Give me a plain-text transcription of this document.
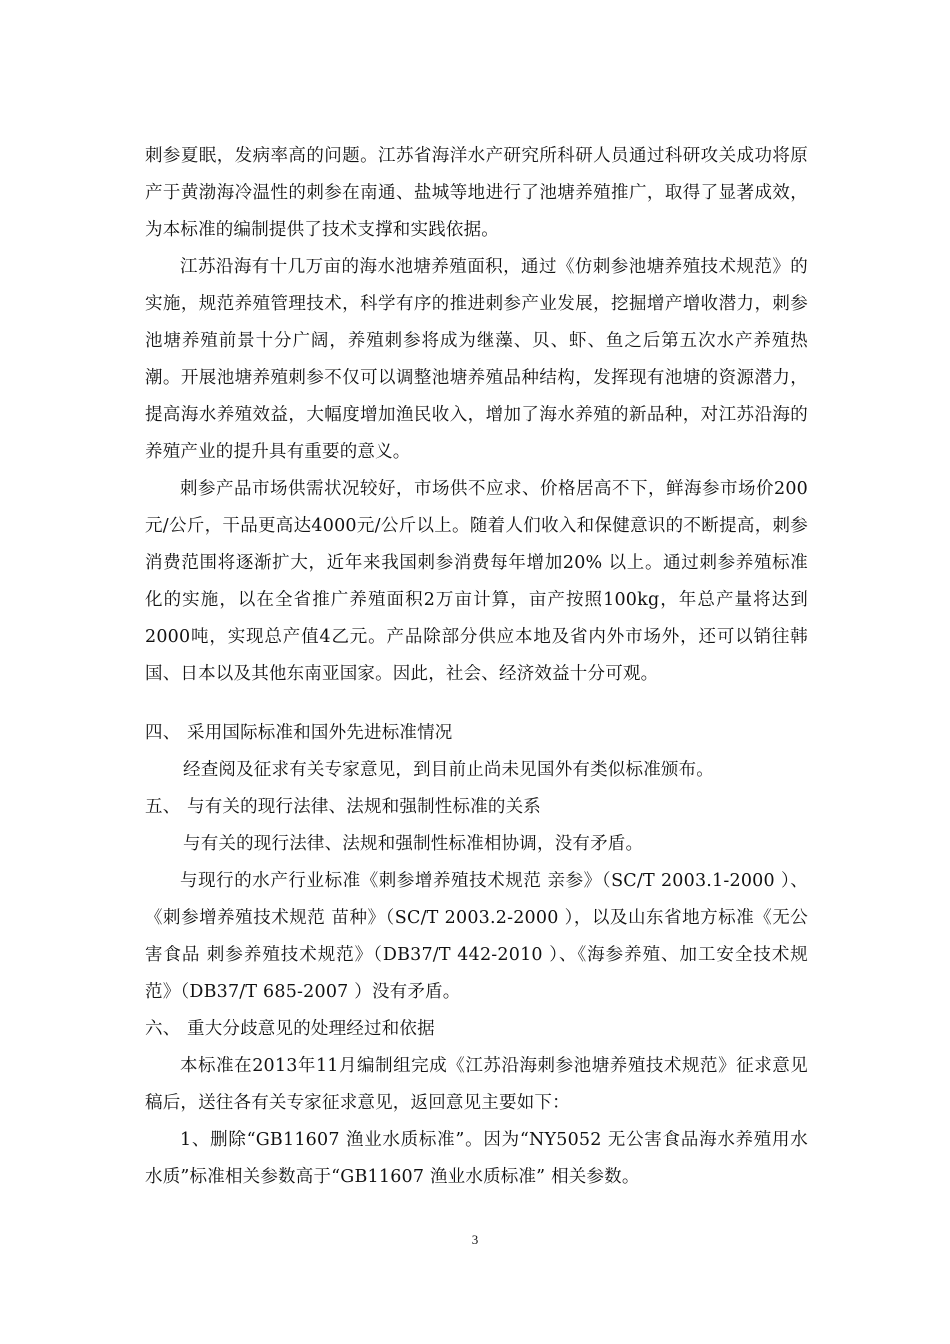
刺参夏眠，发病率高的问题。江苏省海洋水产研究所科研人员通过科研攻关成功将原产于黄渤海冷温性的刺参在南通、盐城等地进行了池塘养殖推广，取得了显著成效，为本标准的编制提供了技术支撑和实践依据。

江苏沿海有十几万亩的海水池塘养殖面积，通过《仿刺参池塘养殖技术规范》的实施，规范养殖管理技术，科学有序的推进刺参产业发展，挖掘增产增收潜力，刺参池塘养殖前景十分广阔，养殖刺参将成为继藻、贝、虾、鱼之后第五次水产养殖热潮。开展池塘养殖刺参不仅可以调整池塘养殖品种结构，发挥现有池塘的资源潜力，提高海水养殖效益，大幅度增加渔民收入，增加了海水养殖的新品种，对江苏沿海的养殖产业的提升具有重要的意义。

刺参产品市场供需状况较好，市场供不应求、价格居高不下，鲜海参市场价200元/公斤，干品更高达4000元/公斤以上。随着人们收入和保健意识的不断提高，刺参消费范围将逐渐扩大，近年来我国刺参消费每年增加20% 以上。通过刺参养殖标准化的实施，以在全省推广养殖面积2万亩计算，亩产按照100kg，年总产量将达到2000吨，实现总产值4乙元。产品除部分供应本地及省内外市场外，还可以销往韩国、日本以及其他东南亚国家。因此，社会、经济效益十分可观。

四、 采用国际标准和国外先进标准情况

经查阅及征求有关专家意见，到目前止尚未见国外有类似标准颁布。

五、 与有关的现行法律、法规和强制性标准的关系

与有关的现行法律、法规和强制性标准相协调，没有矛盾。

与现行的水产行业标准《刺参增养殖技术规范 亲参》（SC/T 2003.1-2000 ）、《刺参增养殖技术规范 苗种》（SC/T 2003.2-2000 ），以及山东省地方标准《无公害食品 刺参养殖技术规范》（DB37/T 442-2010 ）、《海参养殖、加工安全技术规范》（DB37/T 685-2007 ）没有矛盾。

六、 重大分歧意见的处理经过和依据

本标准在2013年11月编制组完成《江苏沿海刺参池塘养殖技术规范》征求意见稿后，送往各有关专家征求意见，返回意见主要如下：

1、删除“GB11607 渔业水质标准”。因为“NY5052 无公害食品海水养殖用水水质”标准相关参数高于“GB11607 渔业水质标准” 相关参数。

3
